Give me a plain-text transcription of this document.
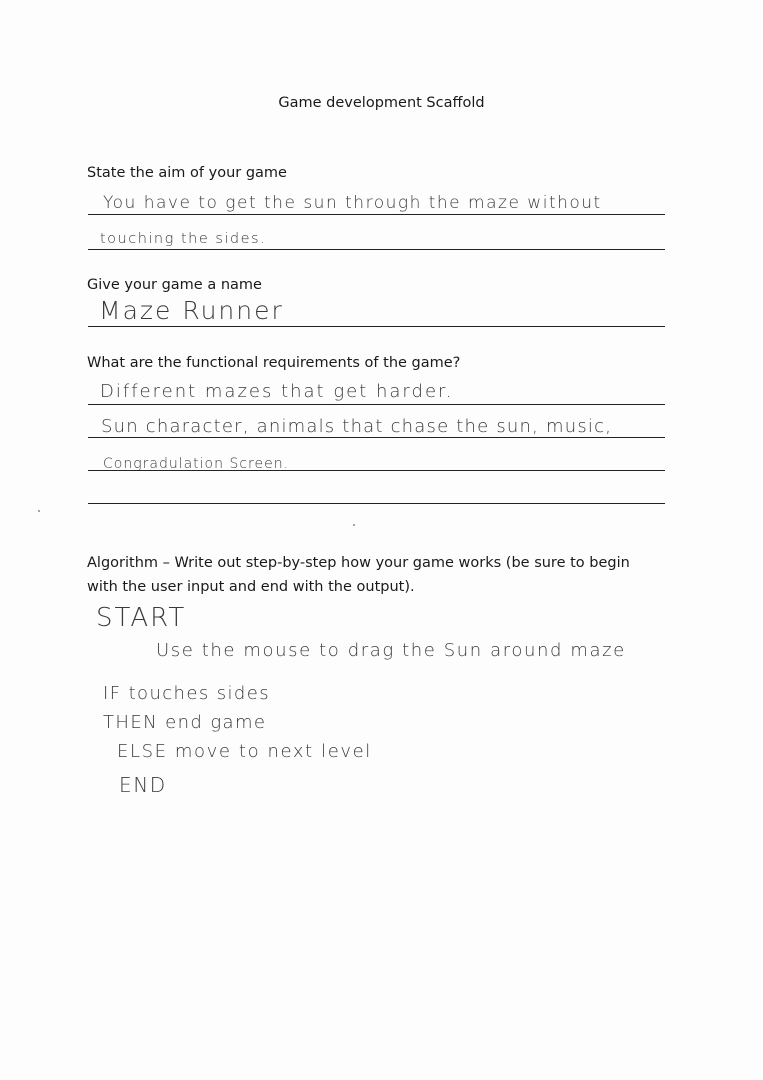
Game development Scaffold
State the aim of your game
You have to get the sun through the maze without
touching the sides.
Give your game a name
Maze Runner
What are the functional requirements of the game?
Different mazes that get harder.
Sun character, animals that chase the sun, music,
Congradulation Screen.
Algorithm – Write out step-by-step how your game works (be sure to begin
with the user input and end with the output).
START
Use the mouse to drag the Sun around maze
IF touches sides
THEN end game
ELSE move to next level
END
